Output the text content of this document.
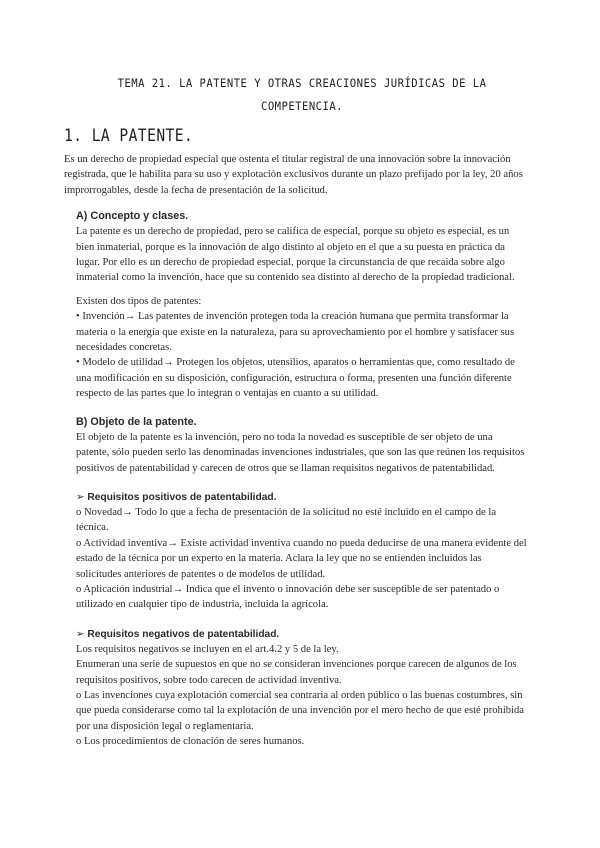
TEMA 21. LA PATENTE Y OTRAS CREACIONES JURÍDICAS DE LA
COMPETENCIA.
1. LA PATENTE.

Es un derecho de propiedad especial que ostenta el titular registral de una innovación sobre la innovación registrada, que le habilita para su uso y explotación exclusivos durante un plazo prefijado por la ley, 20 años improrrogables, desde la fecha de presentación de la solicitud.

A) Concepto y clases.

La patente es un derecho de propiedad, pero se califica de especial, porque su objeto es especial, es un bien inmaterial, porque es la innovación de algo distinto al objeto en el que a su puesta en práctica da lugar. Por ello es un derecho de propiedad especial, porque la circunstancia de que recaida sobre algo inmaterial como la invención, hace que su contenido sea distinto al derecho de la propiedad tradicional.

Existen dos tipos de patentes:

• Invención→ Las patentes de invención protegen toda la creación humana que permita transformar la materia o la energía que existe en la naturaleza, para su aprovechamiento por el hombre y satisfacer sus necesidades concretas.

• Modelo de utilidad→ Protegen los objetos, utensilios, aparatos o herramientas que, como resultado de una modificación en su disposición, configuración, estructura o forma, presenten una función diferente respecto de las partes que lo integran o ventajas en cuanto a su utilidad.

B) Objeto de la patente.

El objeto de la patente es la invención, pero no toda la novedad es susceptible de ser objeto de una patente, sólo pueden serlo las denominadas invenciones industriales, que son las que reúnen los requisitos positivos de patentabilidad y carecen de otros que se llaman requisitos negativos de patentabilidad.

➢ Requisitos positivos de patentabilidad.

o Novedad→ Todo lo que a fecha de presentación de la solicitud no esté incluido en el campo de la técnica.

o Actividad inventiva→ Existe actividad inventiva cuando no pueda deducirse de una manera evidente del estado de la técnica por un experto en la materia. Aclara la ley que no se entienden incluidos las solicitudes anteriores de patentes o de modelos de utilidad.

o Aplicación industrial→ Indica que el invento o innovación debe ser susceptible de ser patentado o utilizado en cualquier tipo de industria, incluida la agrícola.

➢ Requisitos negativos de patentabilidad.

Los requisitos negativos se incluyen en el art.4.2 y 5 de la ley.

Enumeran una serie de supuestos en que no se consideran invenciones porque carecen de algunos de los requisitos positivos, sobre todo carecen de actividad inventiva.

o Las invenciones cuya explotación comercial sea contraria al orden público o las buenas costumbres, sin que pueda considerarse como tal la explotación de una invención por el mero hecho de que esté prohibida por una disposición legal o reglamentaria.

o Los procedimientos de clonación de seres humanos.
